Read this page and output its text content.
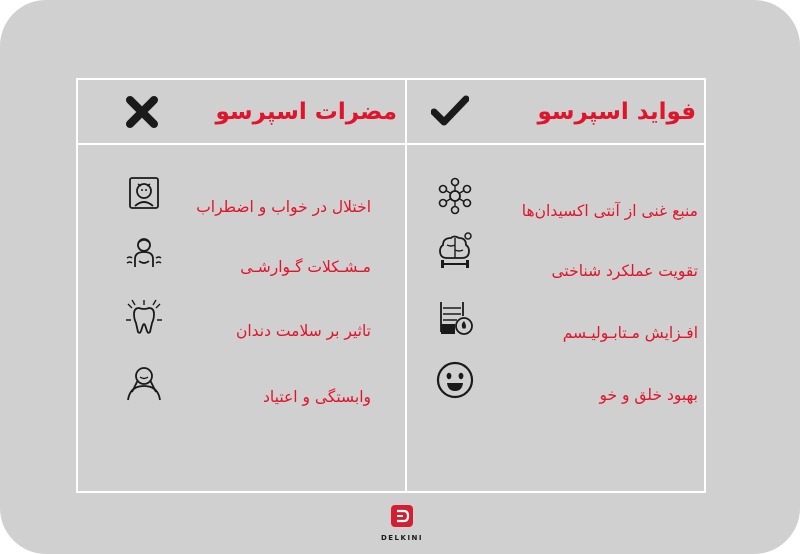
فواید اسپرسو
مضرات اسپرسو
اختلال در خواب و اضطراب
مـشـکلات گـوارشـی
تاثیر بر سلامت دندان
وابستگی و اعتیاد
منبع غنی از آنتی اکسیدان‌ها
تقویت عملکرد شناختی
افـزایش مـتابـولیـسم
بهبود خلق و خو
DELKINI
